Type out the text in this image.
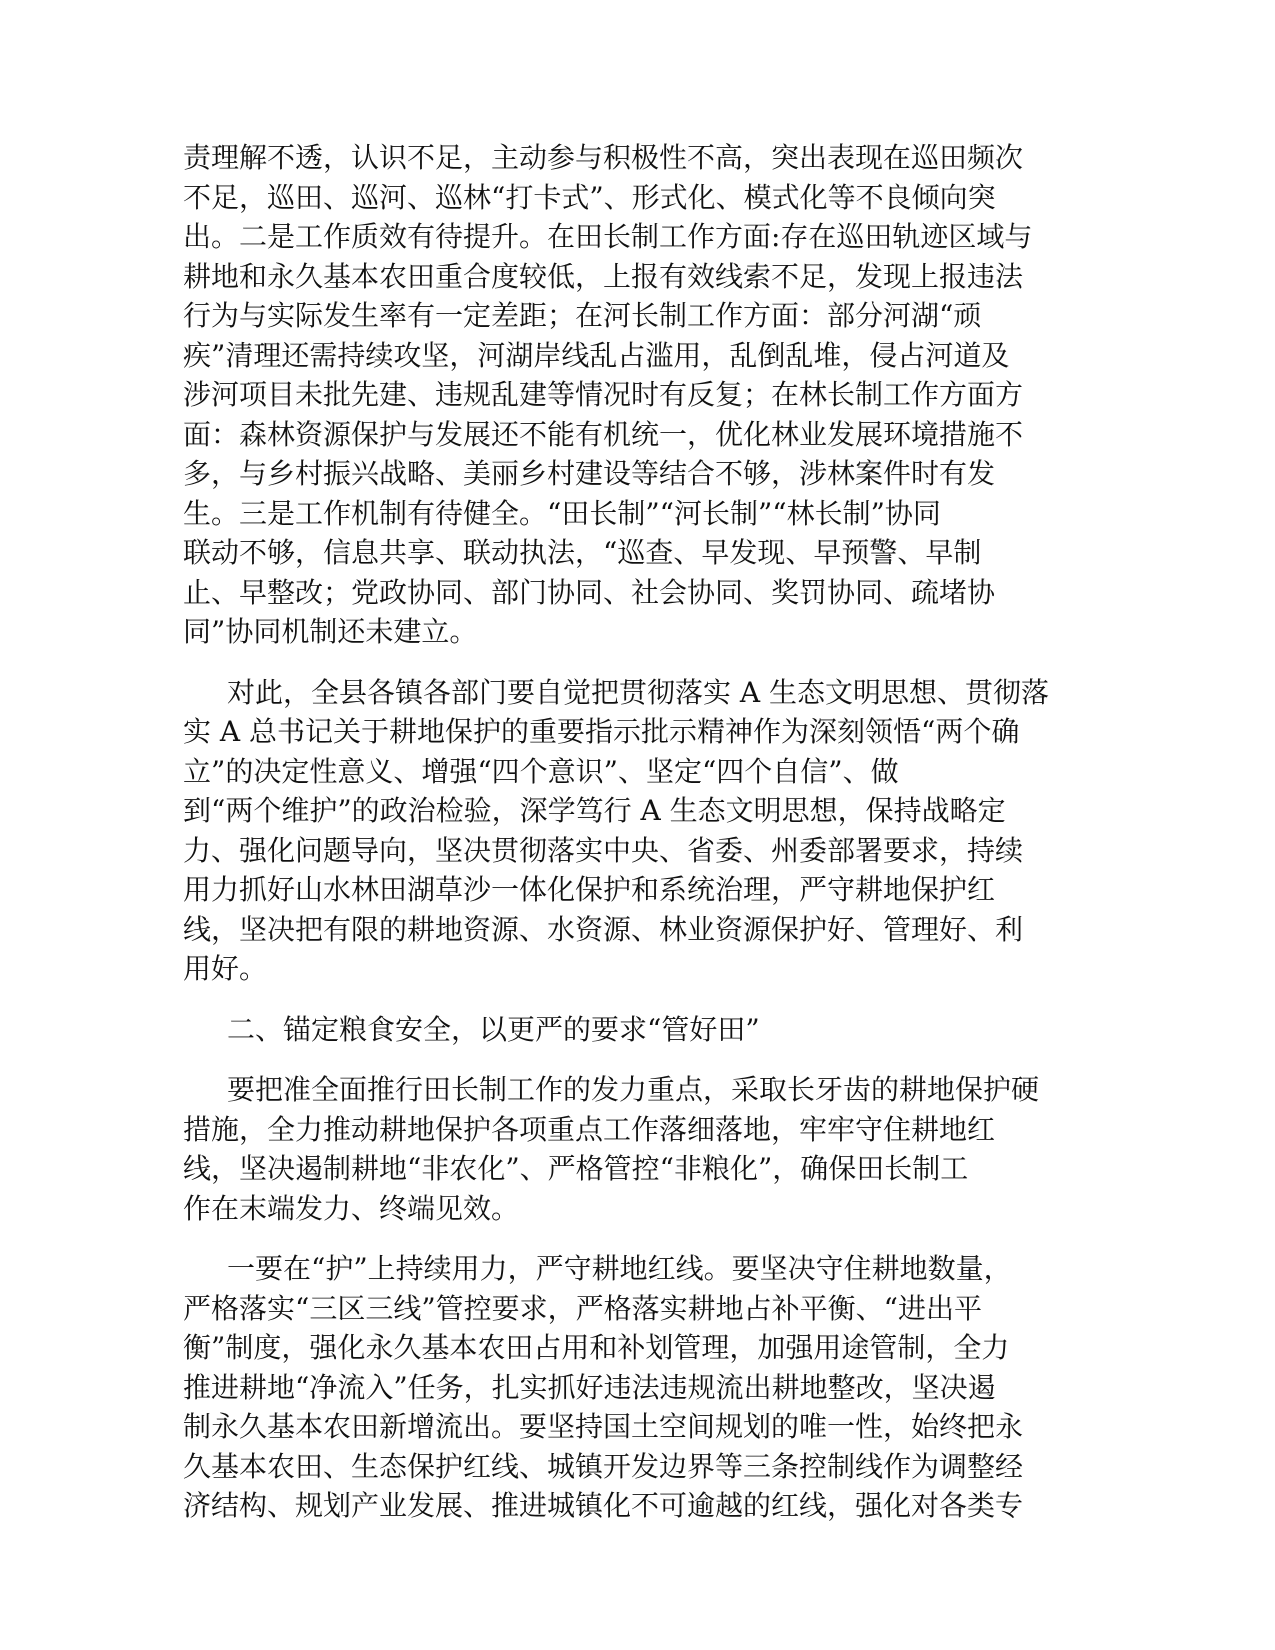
责理解不透，认识不足，主动参与积极性不高，突出表现在巡田频次
不足，巡田、巡河、巡林“打卡式”、形式化、模式化等不良倾向突
出。二是工作质效有待提升。在田长制工作方面:存在巡田轨迹区域与
耕地和永久基本农田重合度较低，上报有效线索不足，发现上报违法
行为与实际发生率有一定差距；在河长制工作方面：部分河湖“顽
疾”清理还需持续攻坚，河湖岸线乱占滥用，乱倒乱堆，侵占河道及
涉河项目未批先建、违规乱建等情况时有反复；在林长制工作方面方
面：森林资源保护与发展还不能有机统一，优化林业发展环境措施不
多，与乡村振兴战略、美丽乡村建设等结合不够，涉林案件时有发
生。三是工作机制有待健全。“田长制”“河长制”“林长制”协同
联动不够，信息共享、联动执法，“巡查、早发现、早预警、早制
止、早整改；党政协同、部门协同、社会协同、奖罚协同、疏堵协
同”协同机制还未建立。
对此，全县各镇各部门要自觉把贯彻落实 A 生态文明思想、贯彻落
实 A 总书记关于耕地保护的重要指示批示精神作为深刻领悟“两个确
立”的决定性意义、增强“四个意识”、坚定“四个自信”、做
到“两个维护”的政治检验，深学笃行 A 生态文明思想，保持战略定
力、强化问题导向，坚决贯彻落实中央、省委、州委部署要求，持续
用力抓好山水林田湖草沙一体化保护和系统治理，严守耕地保护红
线，坚决把有限的耕地资源、水资源、林业资源保护好、管理好、利
用好。
二、锚定粮食安全，以更严的要求“管好田”
要把准全面推行田长制工作的发力重点，采取长牙齿的耕地保护硬
措施，全力推动耕地保护各项重点工作落细落地，牢牢守住耕地红
线，坚决遏制耕地“非农化”、严格管控“非粮化”，确保田长制工
作在末端发力、终端见效。
一要在“护”上持续用力，严守耕地红线。要坚决守住耕地数量，
严格落实“三区三线”管控要求，严格落实耕地占补平衡、“进出平
衡”制度，强化永久基本农田占用和补划管理，加强用途管制，全力
推进耕地“净流入”任务，扎实抓好违法违规流出耕地整改，坚决遏
制永久基本农田新增流出。要坚持国土空间规划的唯一性，始终把永
久基本农田、生态保护红线、城镇开发边界等三条控制线作为调整经
济结构、规划产业发展、推进城镇化不可逾越的红线，强化对各类专
